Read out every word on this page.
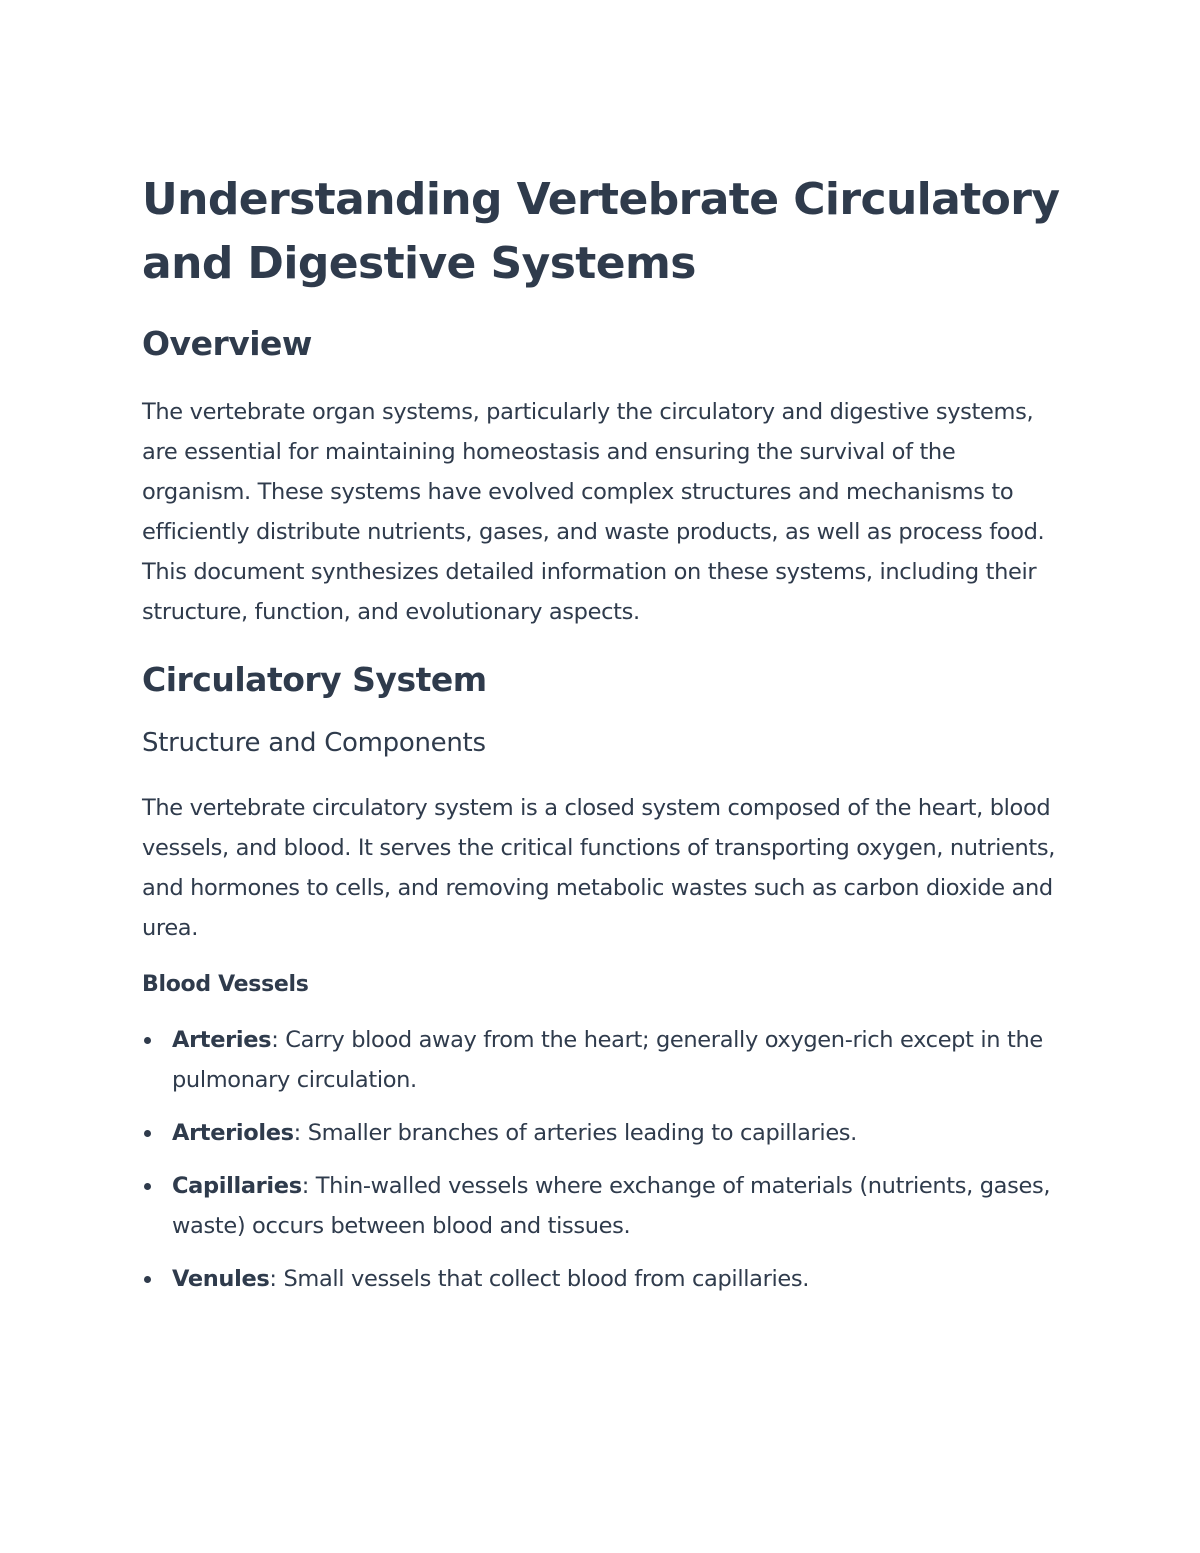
Understanding Vertebrate Circulatory and Digestive Systems
Overview

The vertebrate organ systems, particularly the circulatory and digestive systems, are essential for maintaining homeostasis and ensuring the survival of the organism. These systems have evolved complex structures and mechanisms to efficiently distribute nutrients, gases, and waste products, as well as process food. This document synthesizes detailed information on these systems, including their structure, function, and evolutionary aspects.

Circulatory System
Structure and Components

The vertebrate circulatory system is a closed system composed of the heart, blood vessels, and blood. It serves the critical functions of transporting oxygen, nutrients, and hormones to cells, and removing metabolic wastes such as carbon dioxide and urea.

Blood Vessels
Arteries: Carry blood away from the heart; generally oxygen-rich except in the pulmonary circulation.
Arterioles: Smaller branches of arteries leading to capillaries.
Capillaries: Thin-walled vessels where exchange of materials (nutrients, gases, waste) occurs between blood and tissues.
Venules: Small vessels that collect blood from capillaries.
